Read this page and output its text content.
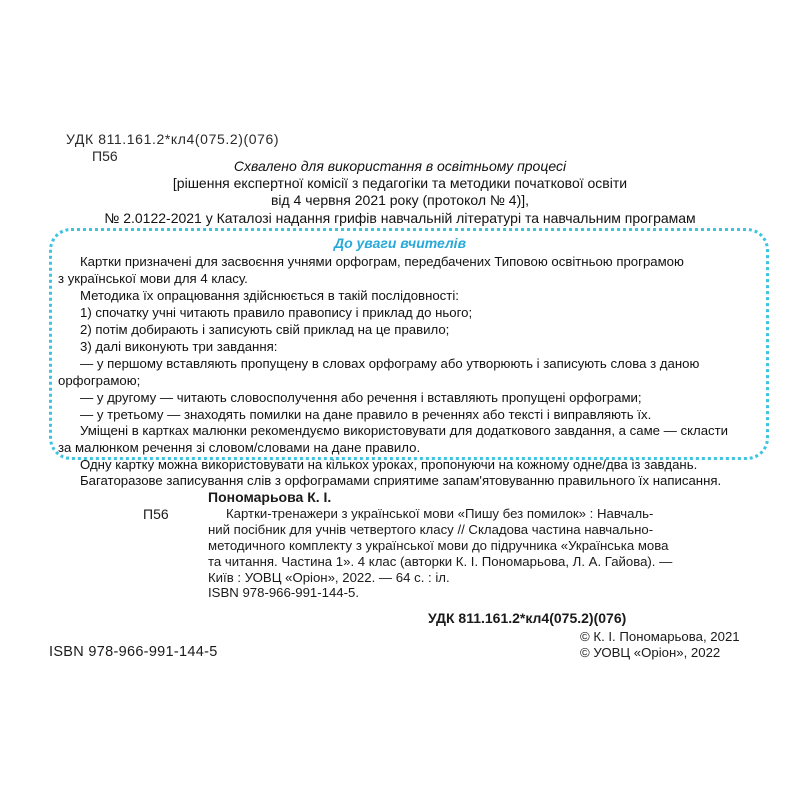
УДК 811.161.2*кл4(075.2)(076)
П56
Схвалено для використання в освітньому процесі
[рішення експертної комісії з педагогіки та методики початкової освіти
від 4 червня 2021 року (протокол № 4)],
№ 2.0122-2021 у Каталозі надання грифів навчальній літературі та навчальним програмам
До уваги вчителів
Картки призначені для засвоєння учнями орфограм, передбачених Типовою освітньою програмою
з української мови для 4 класу.
Методика їх опрацювання здійснюється в такій послідовності:
1) спочатку учні читають правило правопису і приклад до нього;
2) потім добирають і записують свій приклад на це правило;
3) далі виконують три завдання:
— у першому вставляють пропущену в словах орфограму або утворюють і записують слова з даною
орфограмою;
— у другому — читають словосполучення або речення і вставляють пропущені орфограми;
— у третьому — знаходять помилки на дане правило в реченнях або тексті і виправляють їх.
Уміщені в картках малюнки рекомендуємо використовувати для додаткового завдання, а саме — скласти
за малюнком речення зі словом/словами на дане правило.
Одну картку можна використовувати на кількох уроках, пропонуючи на кожному одне/два із завдань.
Багаторазове записування слів з орфограмами сприятиме запам'ятовуванню правильного їх написання.
Пономарьова К. І.
П56	Картки-тренажери з української мови «Пишу без помилок» : Навчаль-
ний посібник для учнів четвертого класу // Складова частина навчально-
методичного комплекту з української мови до підручника «Українська мова
та читання. Частина 1». 4 клас (авторки К. І. Пономарьова, Л. А. Гайова). —
Київ : УОВЦ «Оріон», 2022. — 64 с. : іл.
ISBN 978-966-991-144-5.
УДК 811.161.2*кл4(075.2)(076)
ISBN 978-966-991-144-5
© К. І. Пономарьова, 2021
© УОВЦ «Оріон», 2022
